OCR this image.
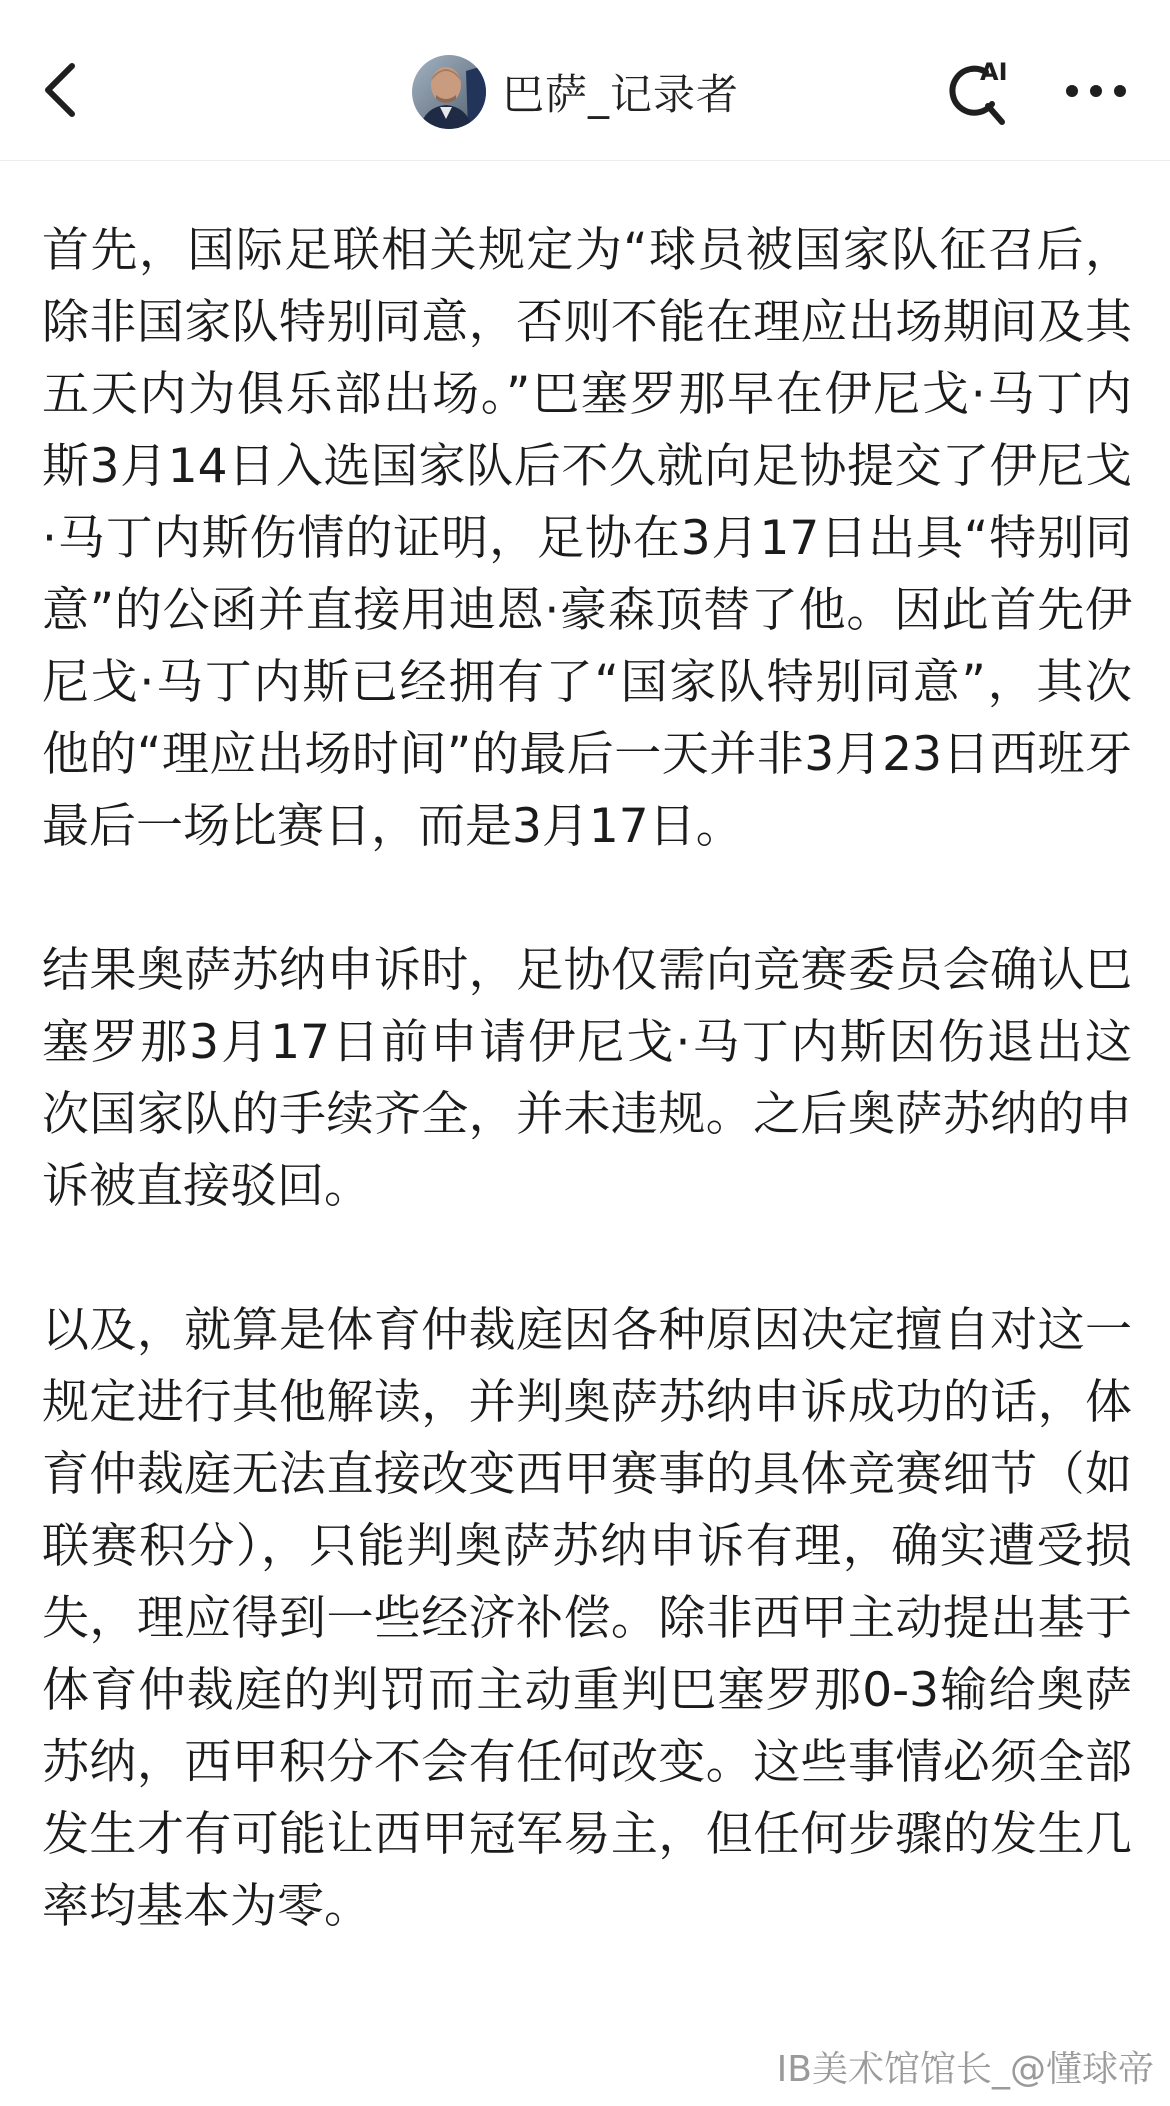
巴萨_记录者	AI

首先，国际足联相关规定为“球员被国家队征召后，除非国家队特别同意，否则不能在理应出场期间及其五天内为俱乐部出场。”巴塞罗那早在伊尼戈·马丁内斯3月14日入选国家队后不久就向足协提交了伊尼戈·马丁内斯伤情的证明，足协在3月17日出具“特别同意”的公函并直接用迪恩·豪森顶替了他。因此首先伊尼戈·马丁内斯已经拥有了“国家队特别同意”，其次他的“理应出场时间”的最后一天并非3月23日西班牙最后一场比赛日，而是3月17日。

结果奥萨苏纳申诉时，足协仅需向竞赛委员会确认巴塞罗那3月17日前申请伊尼戈·马丁内斯因伤退出这次国家队的手续齐全，并未违规。之后奥萨苏纳的申诉被直接驳回。

以及，就算是体育仲裁庭因各种原因决定擅自对这一规定进行其他解读，并判奥萨苏纳申诉成功的话，体育仲裁庭无法直接改变西甲赛事的具体竞赛细节（如联赛积分），只能判奥萨苏纳申诉有理，确实遭受损失，理应得到一些经济补偿。除非西甲主动提出基于体育仲裁庭的判罚而主动重判巴塞罗那0-3输给奥萨苏纳，西甲积分不会有任何改变。这些事情必须全部发生才有可能让西甲冠军易主，但任何步骤的发生几率均基本为零。

IB美术馆馆长_@懂球帝
